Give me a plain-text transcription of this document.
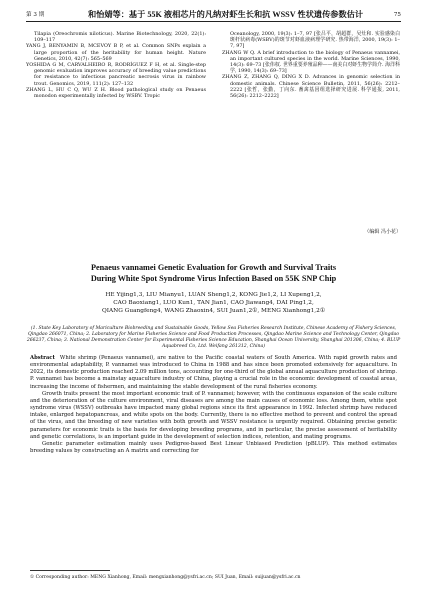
第 3 期	和怡婧等：基于 55K 液相芯片的凡纳对虾生长和抗 WSSV 性状遗传参数估计	75

Tilapia (Oreochromis niloticus). Marine Biotechnology, 2020, 22(1): 109–117

YANG J, BENYAMIN B, MCEVOY B P, et al. Common SNPs explain a large proportion of the heritability for human height. Nature Genetics, 2010, 42(7): 565–569

YOSHIDA G M, CARVALHEIRO R, RODRÍGUEZ F H, et al. Single-step genomic evaluation improves accuracy of breeding value predictions for resistance to infectious pancreatic necrosis virus in rainbow trout. Genomics, 2019, 111(2): 127–132

ZHANG L, HU C Q, WU Z H. Blood pathological study on Penaeus monodon experimentally infected by WSBV. Tropic

Oceanology, 2000, 19(3): 1–7, 97 [张吕平，胡超群，吴灶和. 实验感染白斑杆状病毒(WSBV)的斑节对虾血液病理学研究. 热带海洋, 2000, 19(3): 1–7, 97]

ZHANG W Q. A brief introduction to the biology of Penaeus vannamei, an important cultured species in the world. Marine Sciences, 1990, 14(3): 69–73 [张伟权. 世界重要养殖品种——南美白对虾生物学简介. 海洋科学, 1990, 14(3): 69–73]

ZHANG Z, ZHANG Q, DING X D. Advances in genomic selection in domestic animals. Chinese Science Bulletin, 2011, 56(26): 2212–2222 [张哲，张勤，丁向东. 畜禽基因组选择研究进展. 科学通报, 2011, 56(26): 2212–2222]

（编辑 冯小花）
Penaeus vannamei Genetic Evaluation for Growth and Survival Traits
During White Spot Syndrome Virus Infection Based on 55K SNP Chip
HE Yijing1,3, LIU Mianyu1, LUAN Sheng1,2, KONG Jie1,2, LI Xupeng1,2,
CAO Baoxiang1, LUO Kun1, TAN Jian1, CAO Jiawang4, DAI Ping1,2,
QIANG Guangfeng4, WANG Zhaoxin4, SUI Juan1,2①, MENG Xianhong1,2①
(1. State Key Laboratory of Mariculture Biobreeding and Sustainable Goods, Yellow Sea Fisheries Research Institute, Chinese Academy of Fishery Sciences, Qingdao 266071, China; 2. Laboratory for Marine Fisheries Science and Food Production Processes, Qingdao Marine Science and Technology Center, Qingdao 266237, China; 3. National Demonstration Center for Experimental Fisheries Science Education, Shanghai Ocean University, Shanghai 201306, China; 4. BLUP Aquabreed Co, Ltd. Weifang 261312, China)

Abstract White shrimp (Penaeus vannamei), are native to the Pacific coastal waters of South America. With rapid growth rates and environmental adaptability, P. vannamei was introduced to China in 1988 and has since been promoted extensively for aquaculture. In 2022, its domestic production reached 2.09 million tons, accounting for one-third of the global annual aquaculture production of shrimp. P. vannamei has become a mainstay aquaculture industry of China, playing a crucial role in the economic development of coastal areas, increasing the income of fishermen, and maintaining the stable development of the rural fisheries economy.

Growth traits present the most important economic trait of P. vannamei; however, with the continuous expansion of the scale culture and the deterioration of the culture environment, viral diseases are among the main causes of economic loss. Among them, white spot syndrome virus (WSSV) outbreaks have impacted many global regions since its first appearance in 1992. Infected shrimp have reduced intake, enlarged hepatopancreas, and white spots on the body. Currently, there is no effective method to prevent and control the spread of the virus, and the breeding of new varieties with both growth and WSSV resistance is urgently required. Obtaining precise genetic parameters for economic traits is the basis for developing breeding programs, and in particular, the precise assessment of heritability and genetic correlations, is an important guide in the development of selection indices, retention, and mating programs.

Genetic parameter estimation mainly uses Pedigree-based Best Linear Unbiased Prediction (pBLUP). This method estimates breeding values by constructing an A matrix and correcting for

① Corresponding author: MENG Xianhong, Email: mengxianhong@ysfri.ac.cn; SUI Juan, Email: suijuan@ysfri.ac.cn
